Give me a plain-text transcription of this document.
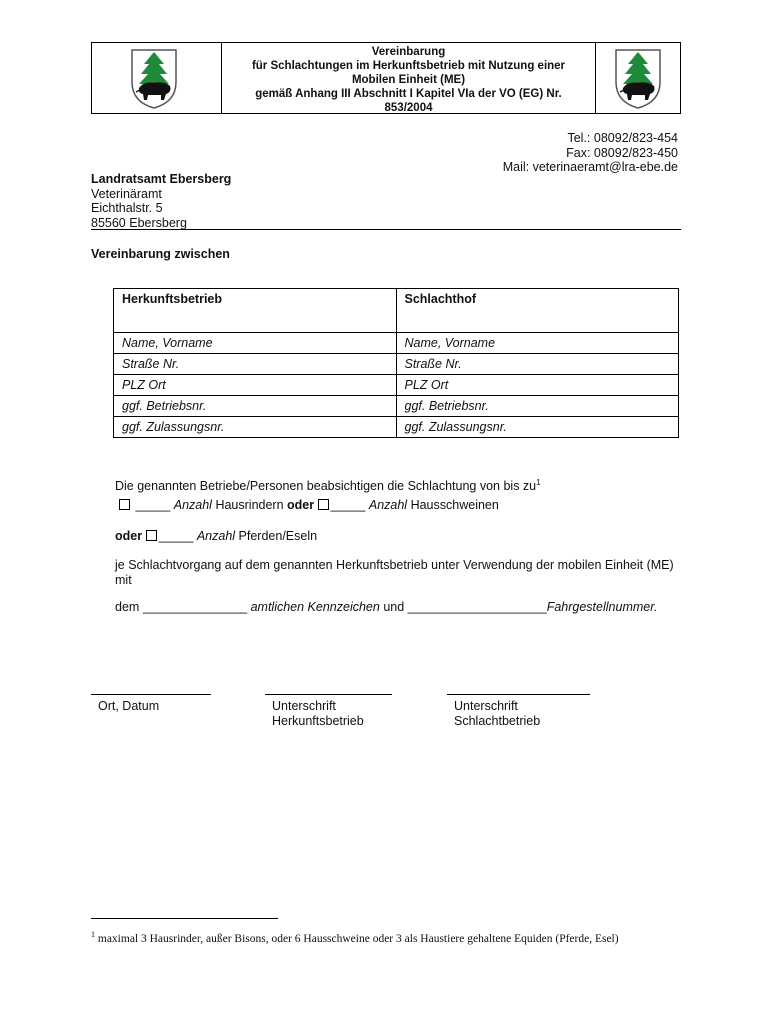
Vereinbarung
für Schlachtungen im Herkunftsbetrieb mit Nutzung einer
Mobilen Einheit (ME)
gemäß Anhang III Abschnitt I Kapitel VIa der VO (EG) Nr.
853/2004
Tel.: 08092/823-454
Fax: 08092/823-450
Mail: veterinaeramt@lra-ebe.de
Landratsamt Ebersberg
Veterinäramt
Eichthalstr. 5
85560 Ebersberg
Vereinbarung zwischen
Herkunftsbetrieb	Schlachthof
Name, Vorname	Name, Vorname
Straße Nr.	Straße Nr.
PLZ Ort	PLZ Ort
ggf. Betriebsnr.	ggf. Betriebsnr.
ggf. Zulassungsnr.	ggf. Zulassungsnr.
Die genannten Betriebe/Personen beabsichtigen die Schlachtung von bis $zu^1$
_____ Anzahl Hausrindern oder _____ Anzahl Hausschweinen
oder _____ Anzahl Pferden/Eseln
je Schlachtvorgang auf dem genannten Herkunftsbetrieb unter Verwendung der mobilen Einheit (ME) mit
dem _______________ amtlichen Kennzeichen und ____________________Fahrgestellnummer.
Ort, Datum	Unterschrift
Herkunftsbetrieb
Unterschrift
Schlachtbetrieb
$^1$ maximal 3 Hausrinder, außer Bisons, oder 6 Hausschweine oder 3 als Haustiere gehaltene Equiden (Pferde, Esel)
